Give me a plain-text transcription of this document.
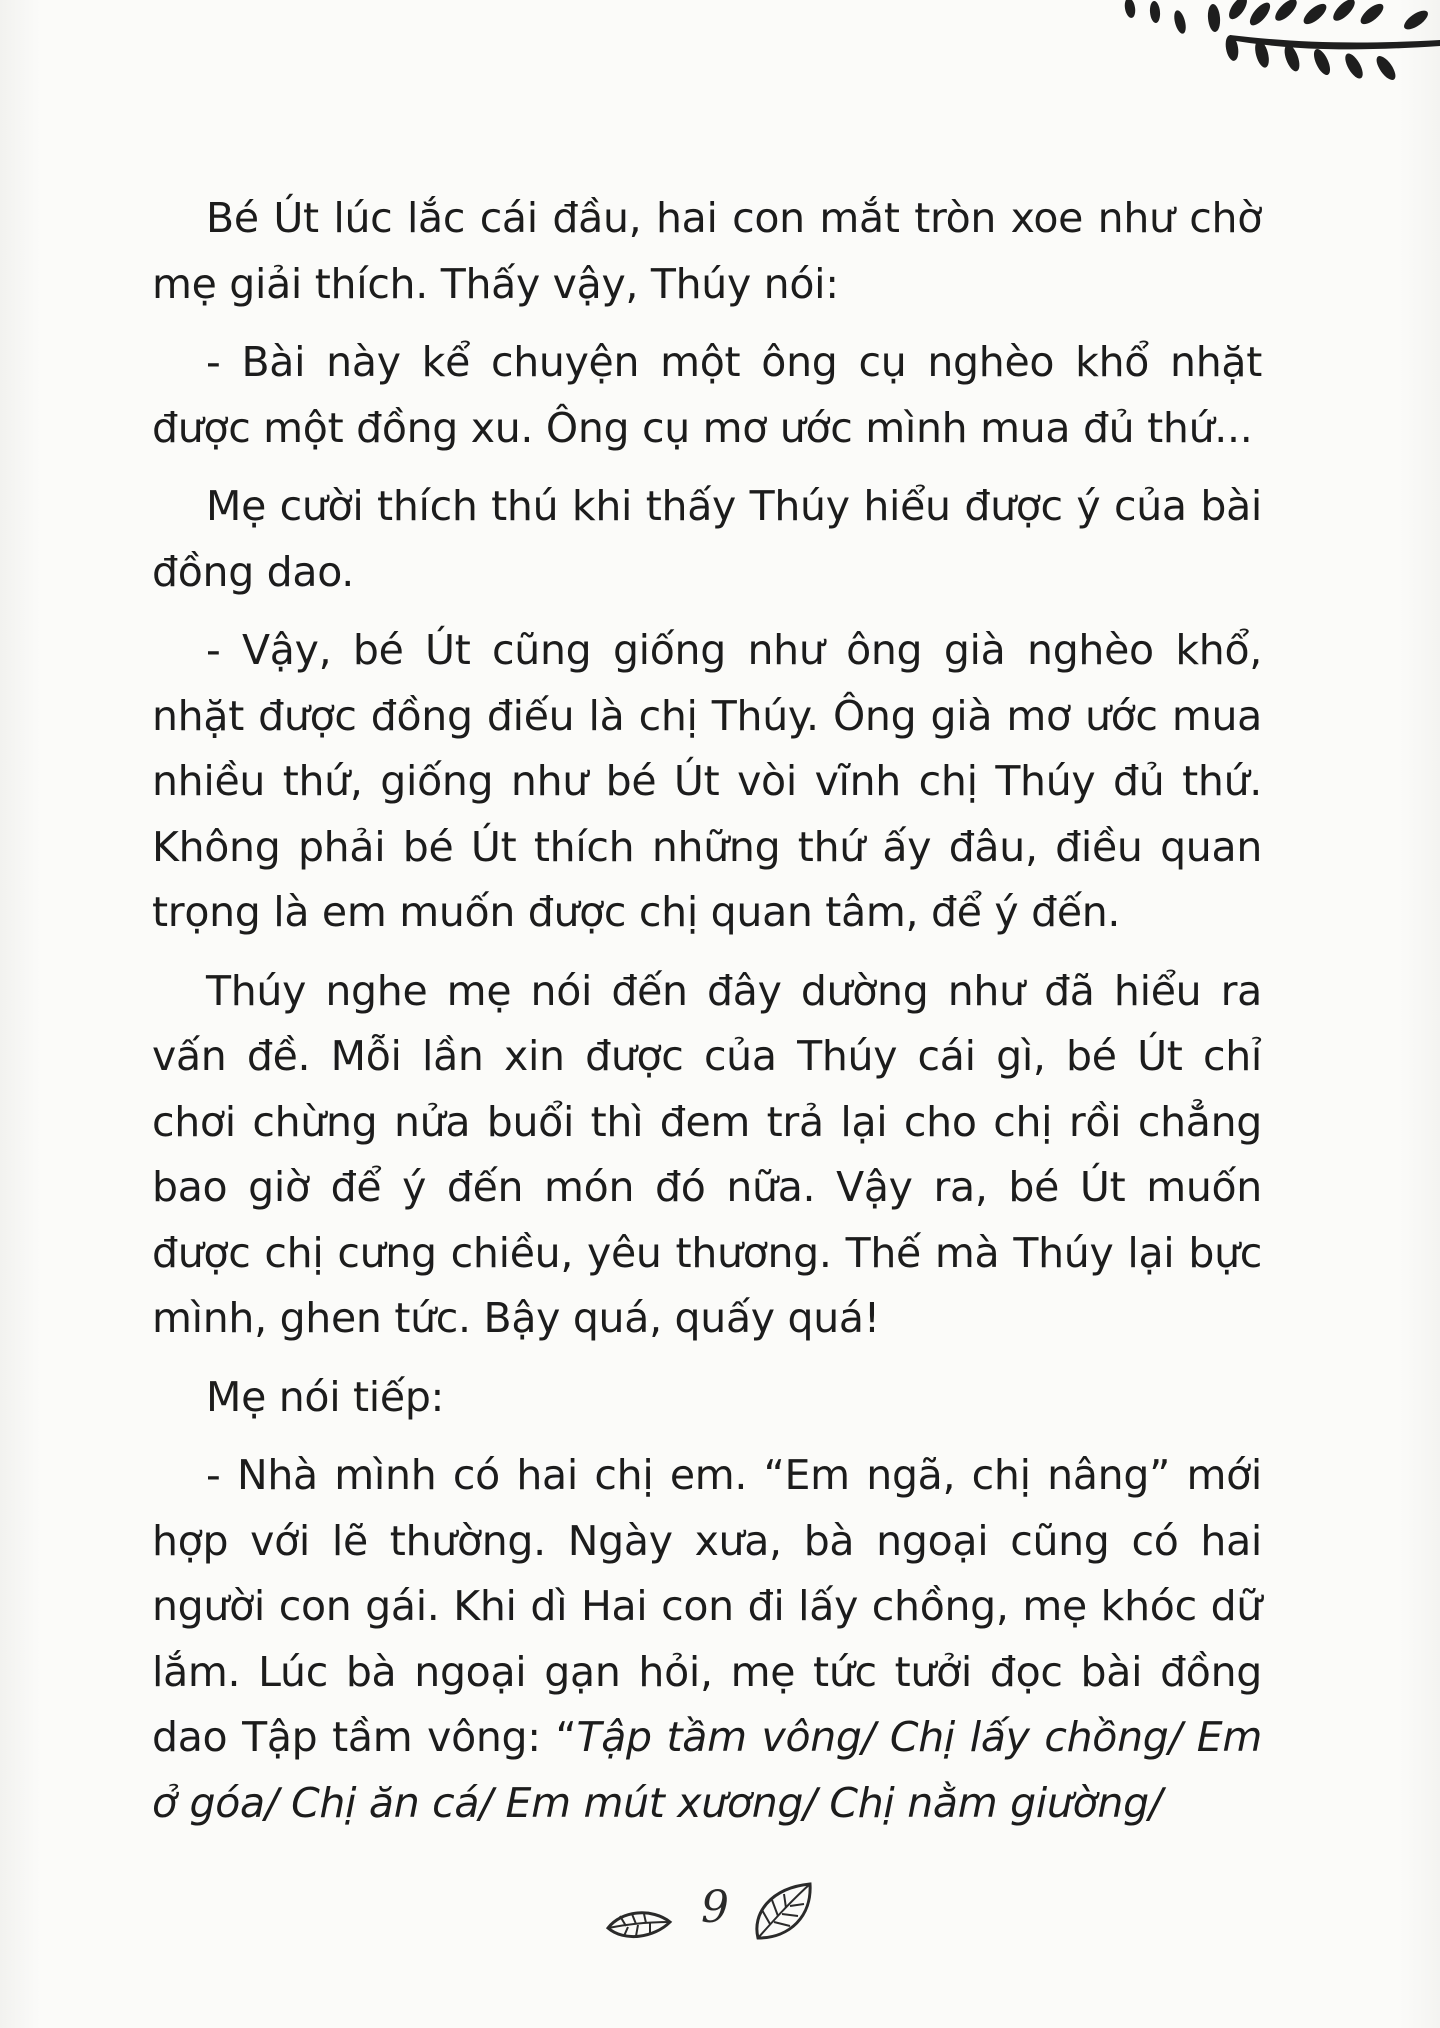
Bé Út lúc lắc cái đầu, hai con mắt tròn xoe như chờ mẹ giải thích. Thấy vậy, Thúy nói:

- Bài này kể chuyện một ông cụ nghèo khổ nhặt được một đồng xu. Ông cụ mơ ước mình mua đủ thứ...

Mẹ cười thích thú khi thấy Thúy hiểu được ý của bài đồng dao.

- Vậy, bé Út cũng giống như ông già nghèo khổ, nhặt được đồng điếu là chị Thúy. Ông già mơ ước mua nhiều thứ, giống như bé Út vòi vĩnh chị Thúy đủ thứ. Không phải bé Út thích những thứ ấy đâu, điều quan trọng là em muốn được chị quan tâm, để ý đến.

Thúy nghe mẹ nói đến đây dường như đã hiểu ra vấn đề. Mỗi lần xin được của Thúy cái gì, bé Út chỉ chơi chừng nửa buổi thì đem trả lại cho chị rồi chẳng bao giờ để ý đến món đó nữa. Vậy ra, bé Út muốn được chị cưng chiều, yêu thương. Thế mà Thúy lại bực mình, ghen tức. Bậy quá, quấy quá!

Mẹ nói tiếp:

- Nhà mình có hai chị em. “Em ngã, chị nâng” mới hợp với lẽ thường. Ngày xưa, bà ngoại cũng có hai người con gái. Khi dì Hai con đi lấy chồng, mẹ khóc dữ lắm. Lúc bà ngoại gạn hỏi, mẹ tức tưởi đọc bài đồng dao Tập tầm vông: “Tập tầm vông/ Chị lấy chồng/ Em ở góa/ Chị ăn cá/ Em mút xương/ Chị nằm giường/

9
